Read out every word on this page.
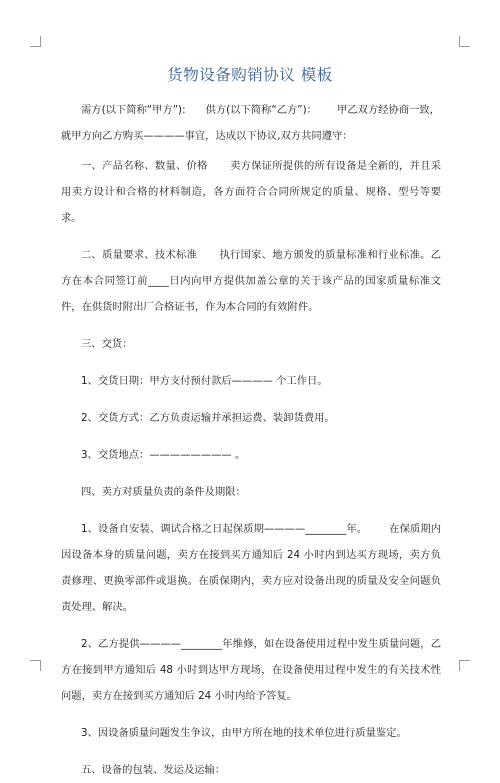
货物设备购销协议 模板

需方(以下简称“甲方”): 供方(以下简称“乙方”)： 甲乙双方经协商一致，

就甲方向乙方购买————事宜，达成以下协议,双方共同遵守：

一、产品名称、数量、价格 卖方保证所提供的所有设备是全新的，并且采用卖方设计和合格的材料制造，各方面符合合同所规定的质量、规格、型号等要求。

二、质量要求、技术标准 执行国家、地方颁发的质量标准和行业标准。乙方在本合同签订前____日内向甲方提供加盖公章的关于该产品的国家质量标准文件，在供货时附出厂合格证书，作为本合同的有效附件。

三、交货：

1、交货日期：甲方支付预付款后———— 个工作日。

2、交货方式：乙方负责运输并承担运费、装卸货费用。

3、交货地点：———————— 。

四、卖方对质量负责的条件及期限：

1、设备自安装、调试合格之日起保质期————________年。 在保质期内因设备本身的质量问题，卖方在接到买方通知后 24 小时内到达买方现场，卖方负责修理、更换零部件或退换。在质保期内，卖方应对设备出现的质量及安全问题负责处理、解决。

2、乙方提供————________年维修，如在设备使用过程中发生质量问题，乙方在接到甲方通知后 48 小时到达甲方现场，在设备使用过程中发生的有关技术性问题，卖方在接到买方通知后 24 小时内给予答复。

3、因设备质量问题发生争议，由甲方所在地的技术单位进行质量鉴定。

五、设备的包装、发运及运输：
